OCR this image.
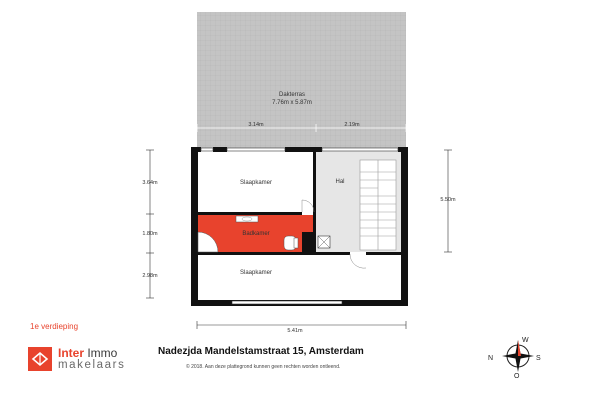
Dakterras
7.76m x 5.87m
3.14m	2.19m
Slaapkamer	Hal
Badkamer
Slaapkamer
3.64m
1.80m
2.98m
5.50m
5.41m
1e verdieping
Inter Immo
makelaars
Nadezjda Mandelstamstraat 15, Amsterdam
© 2018. Aan deze plattegrond kunnen geen rechten worden ontleend.
N
O
S
W
